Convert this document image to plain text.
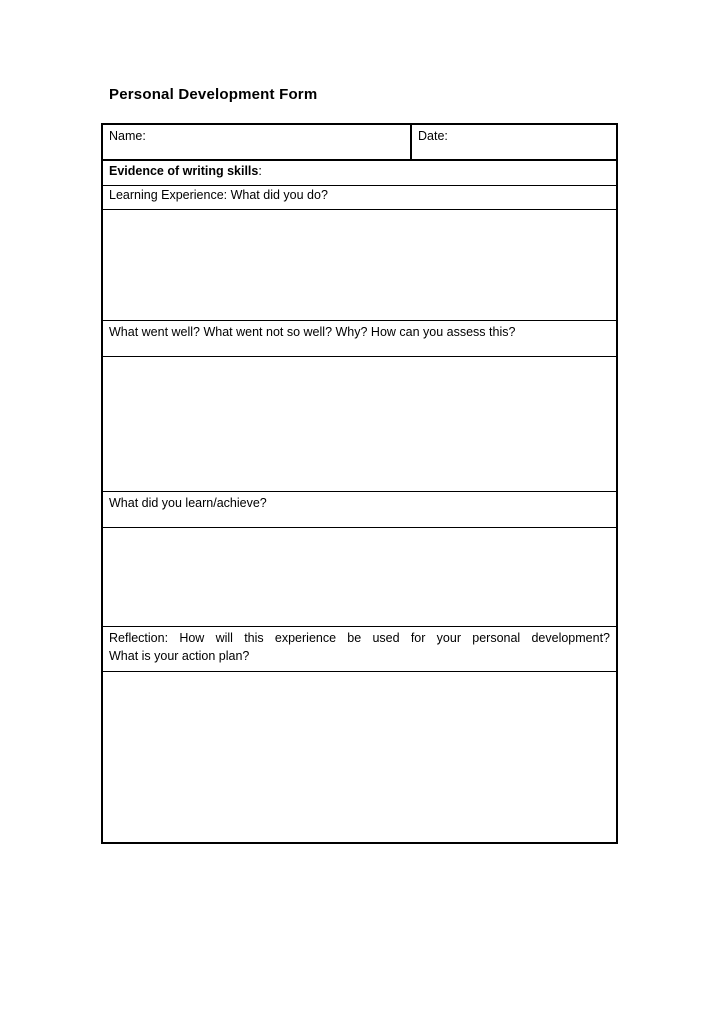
Personal Development Form
Name:	Date:
Evidence of writing skills:
Learning Experience: What did you do?
What went well? What went not so well? Why? How can you assess this?
What did you learn/achieve?
Reflection: How will this experience be used for your personal development?
What is your action plan?
